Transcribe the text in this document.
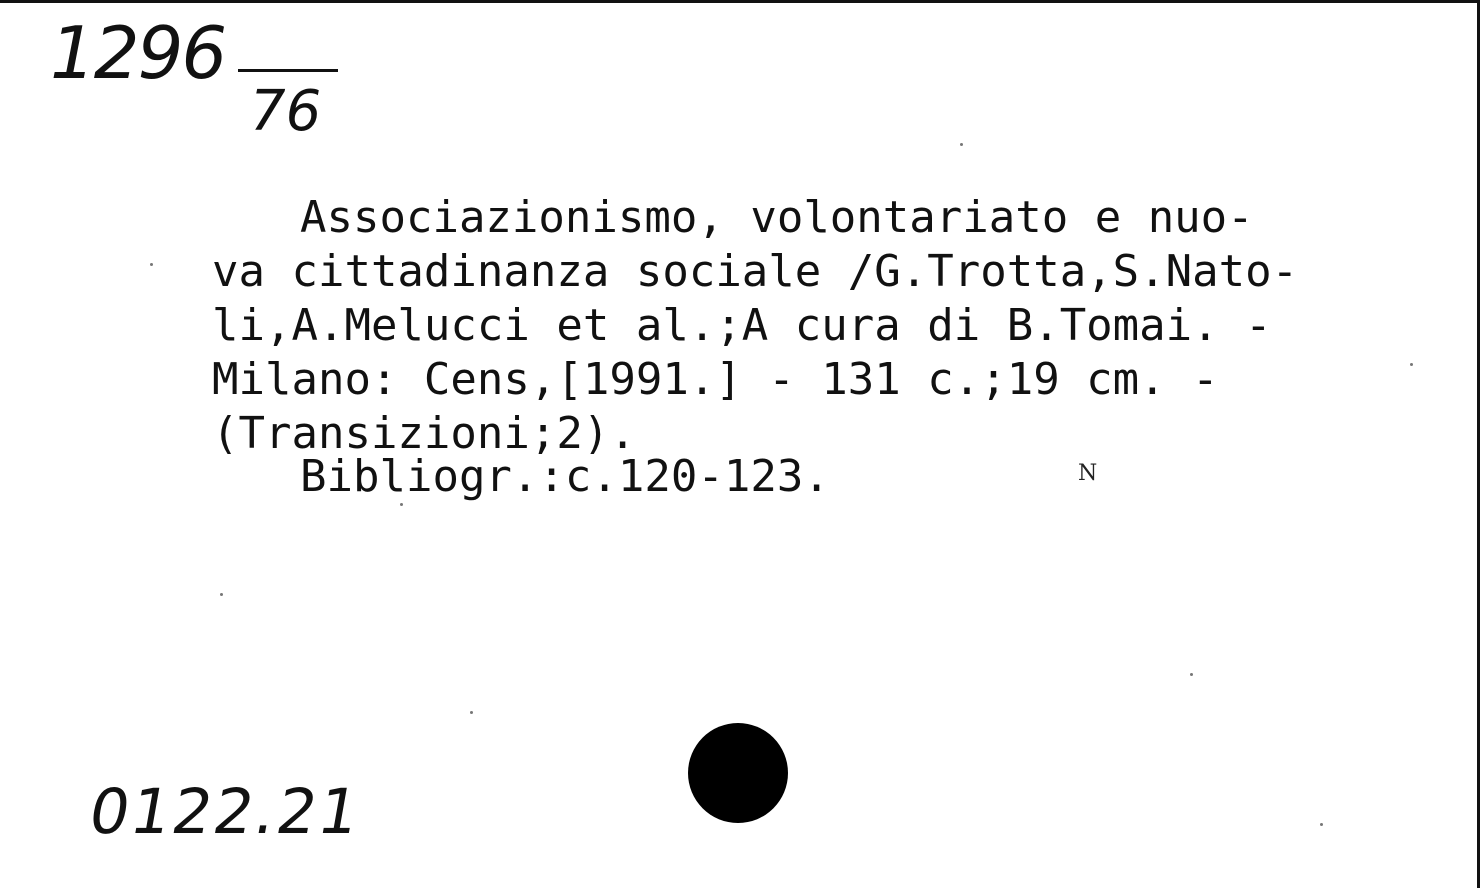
1296
76
Associazionismo, volontariato e nuo-
va cittadinanza sociale /G.Trotta,S.Nato-
li,A.Melucci et al.;A cura di B.Tomai. -
Milano: Cens,[1991.] - 131 c.;19 cm. -
(Transizioni;2).
Bibliogr.:c.120-123.	N
0122.21
